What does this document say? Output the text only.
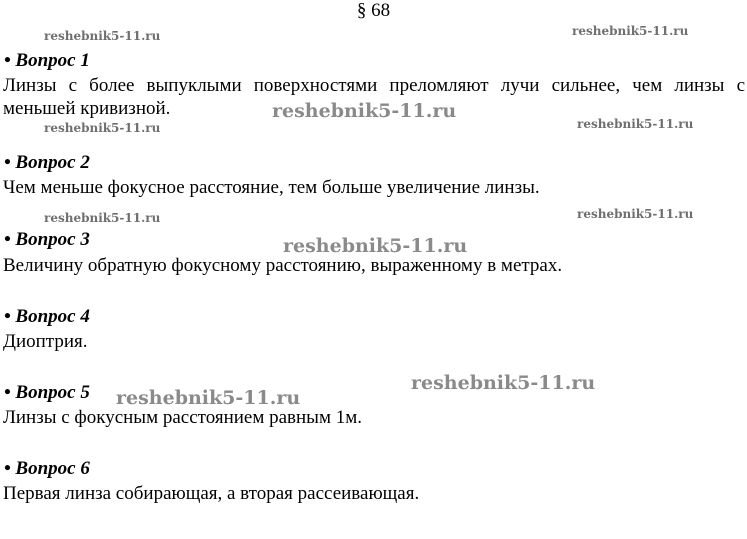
§ 68
• Вопрос 1
Линзы с более выпуклыми поверхностями преломляют лучи сильнее, чем линзы с меньшей кривизной.
• Вопрос 2
Чем меньше фокусное расстояние, тем больше увеличение линзы.
• Вопрос 3
Величину обратную фокусному расстоянию, выраженному в метрах.
• Вопрос 4
Диоптрия.
• Вопрос 5
Линзы с фокусным расстоянием равным 1м.
• Вопрос 6
Первая линза собирающая, а вторая рассеивающая.
reshebnik5-11.ru	reshebnik5-11.ru
reshebnik5-11.ru	reshebnik5-11.ru
reshebnik5-11.ru
reshebnik5-11.ru	reshebnik5-11.ru
reshebnik5-11.ru
reshebnik5-11.ru
reshebnik5-11.ru
